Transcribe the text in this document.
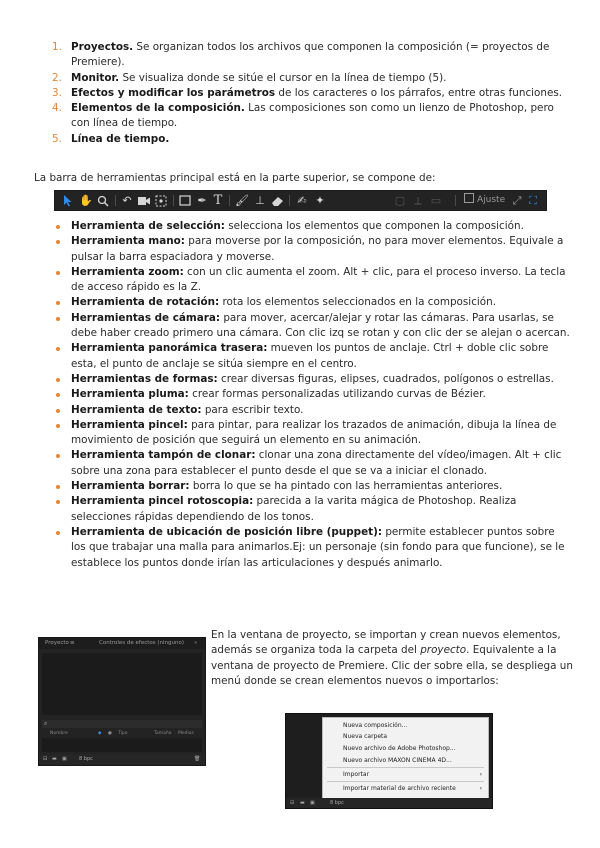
1. Proyectos. Se organizan todos los archivos que componen la composición (= proyectos de Premiere).
2. Monitor. Se visualiza donde se sitúe el cursor en la línea de tiempo (5).
3. Efectos y modificar los parámetros de los caracteres o los párrafos, entre otras funciones.
4. Elementos de la composición. Las composiciones son como un lienzo de Photoshop, pero con línea de tiempo.
5. Línea de tiempo.
La barra de herramientas principal está en la parte superior, se compone de:
✋	↶	✒ T 🖌 ⊥	✍ ✦	▢ ⟂ ▭	Ajuste ⤢ ⛶
Herramienta de selección: selecciona los elementos que componen la composición.
Herramienta mano: para moverse por la composición, no para mover elementos. Equivale a pulsar la barra espaciadora y moverse.
Herramienta zoom: con un clic aumenta el zoom. Alt + clic, para el proceso inverso. La tecla de acceso rápido es la Z.
Herramienta de rotación: rota los elementos seleccionados en la composición.
Herramientas de cámara: para mover, acercar/alejar y rotar las cámaras. Para usarlas, se debe haber creado primero una cámara. Con clic izq se rotan y con clic der se alejan o acercan.
Herramienta panorámica trasera: mueven los puntos de anclaje. Ctrl + doble clic sobre esta, el punto de anclaje se sitúa siempre en el centro.
Herramientas de formas: crear diversas figuras, elipses, cuadrados, polígonos o estrellas.
Herramienta pluma: crear formas personalizadas utilizando curvas de Bézier.
Herramienta de texto: para escribir texto.
Herramienta pincel: para pintar, para realizar los trazados de animación, dibuja la línea de movimiento de posición que seguirá un elemento en su animación.
Herramienta tampón de clonar: clonar una zona directamente del vídeo/imagen. Alt + clic sobre una zona para establecer el punto desde el que se va a iniciar el clonado.
Herramienta borrar: borra lo que se ha pintado con las herramientas anteriores.
Herramienta pincel rotoscopia: parecida a la varita mágica de Photoshop. Realiza selecciones rápidas dependiendo de los tonos.
Herramienta de ubicación de posición libre (puppet): permite establecer puntos sobre los que trabajar una malla para animarlos.Ej: un personaje (sin fondo para que funcione), se le establece los puntos donde irían las articulaciones y después animarlo.
Proyecto ≡	Controles de efectos (ninguno) »
⌕
Nombre	◆ ● Tipo	Tamaño Medios
⊟ ▬ ▣ 8 bpc	🗑
En la ventana de proyecto, se importan y crean nuevos elementos, además se organiza toda la carpeta del proyecto. Equivalente a la ventana de proyecto de Premiere. Clic der sobre ella, se despliega un menú donde se crean elementos nuevos o importarlos:
Nueva composición...
Nueva carpeta
Nuevo archivo de Adobe Photoshop...
Nuevo archivo MAXON CINEMA 4D...
Importar	›
Importar material de archivo reciente	›
⊟ ▬ ▣	8 bpc
